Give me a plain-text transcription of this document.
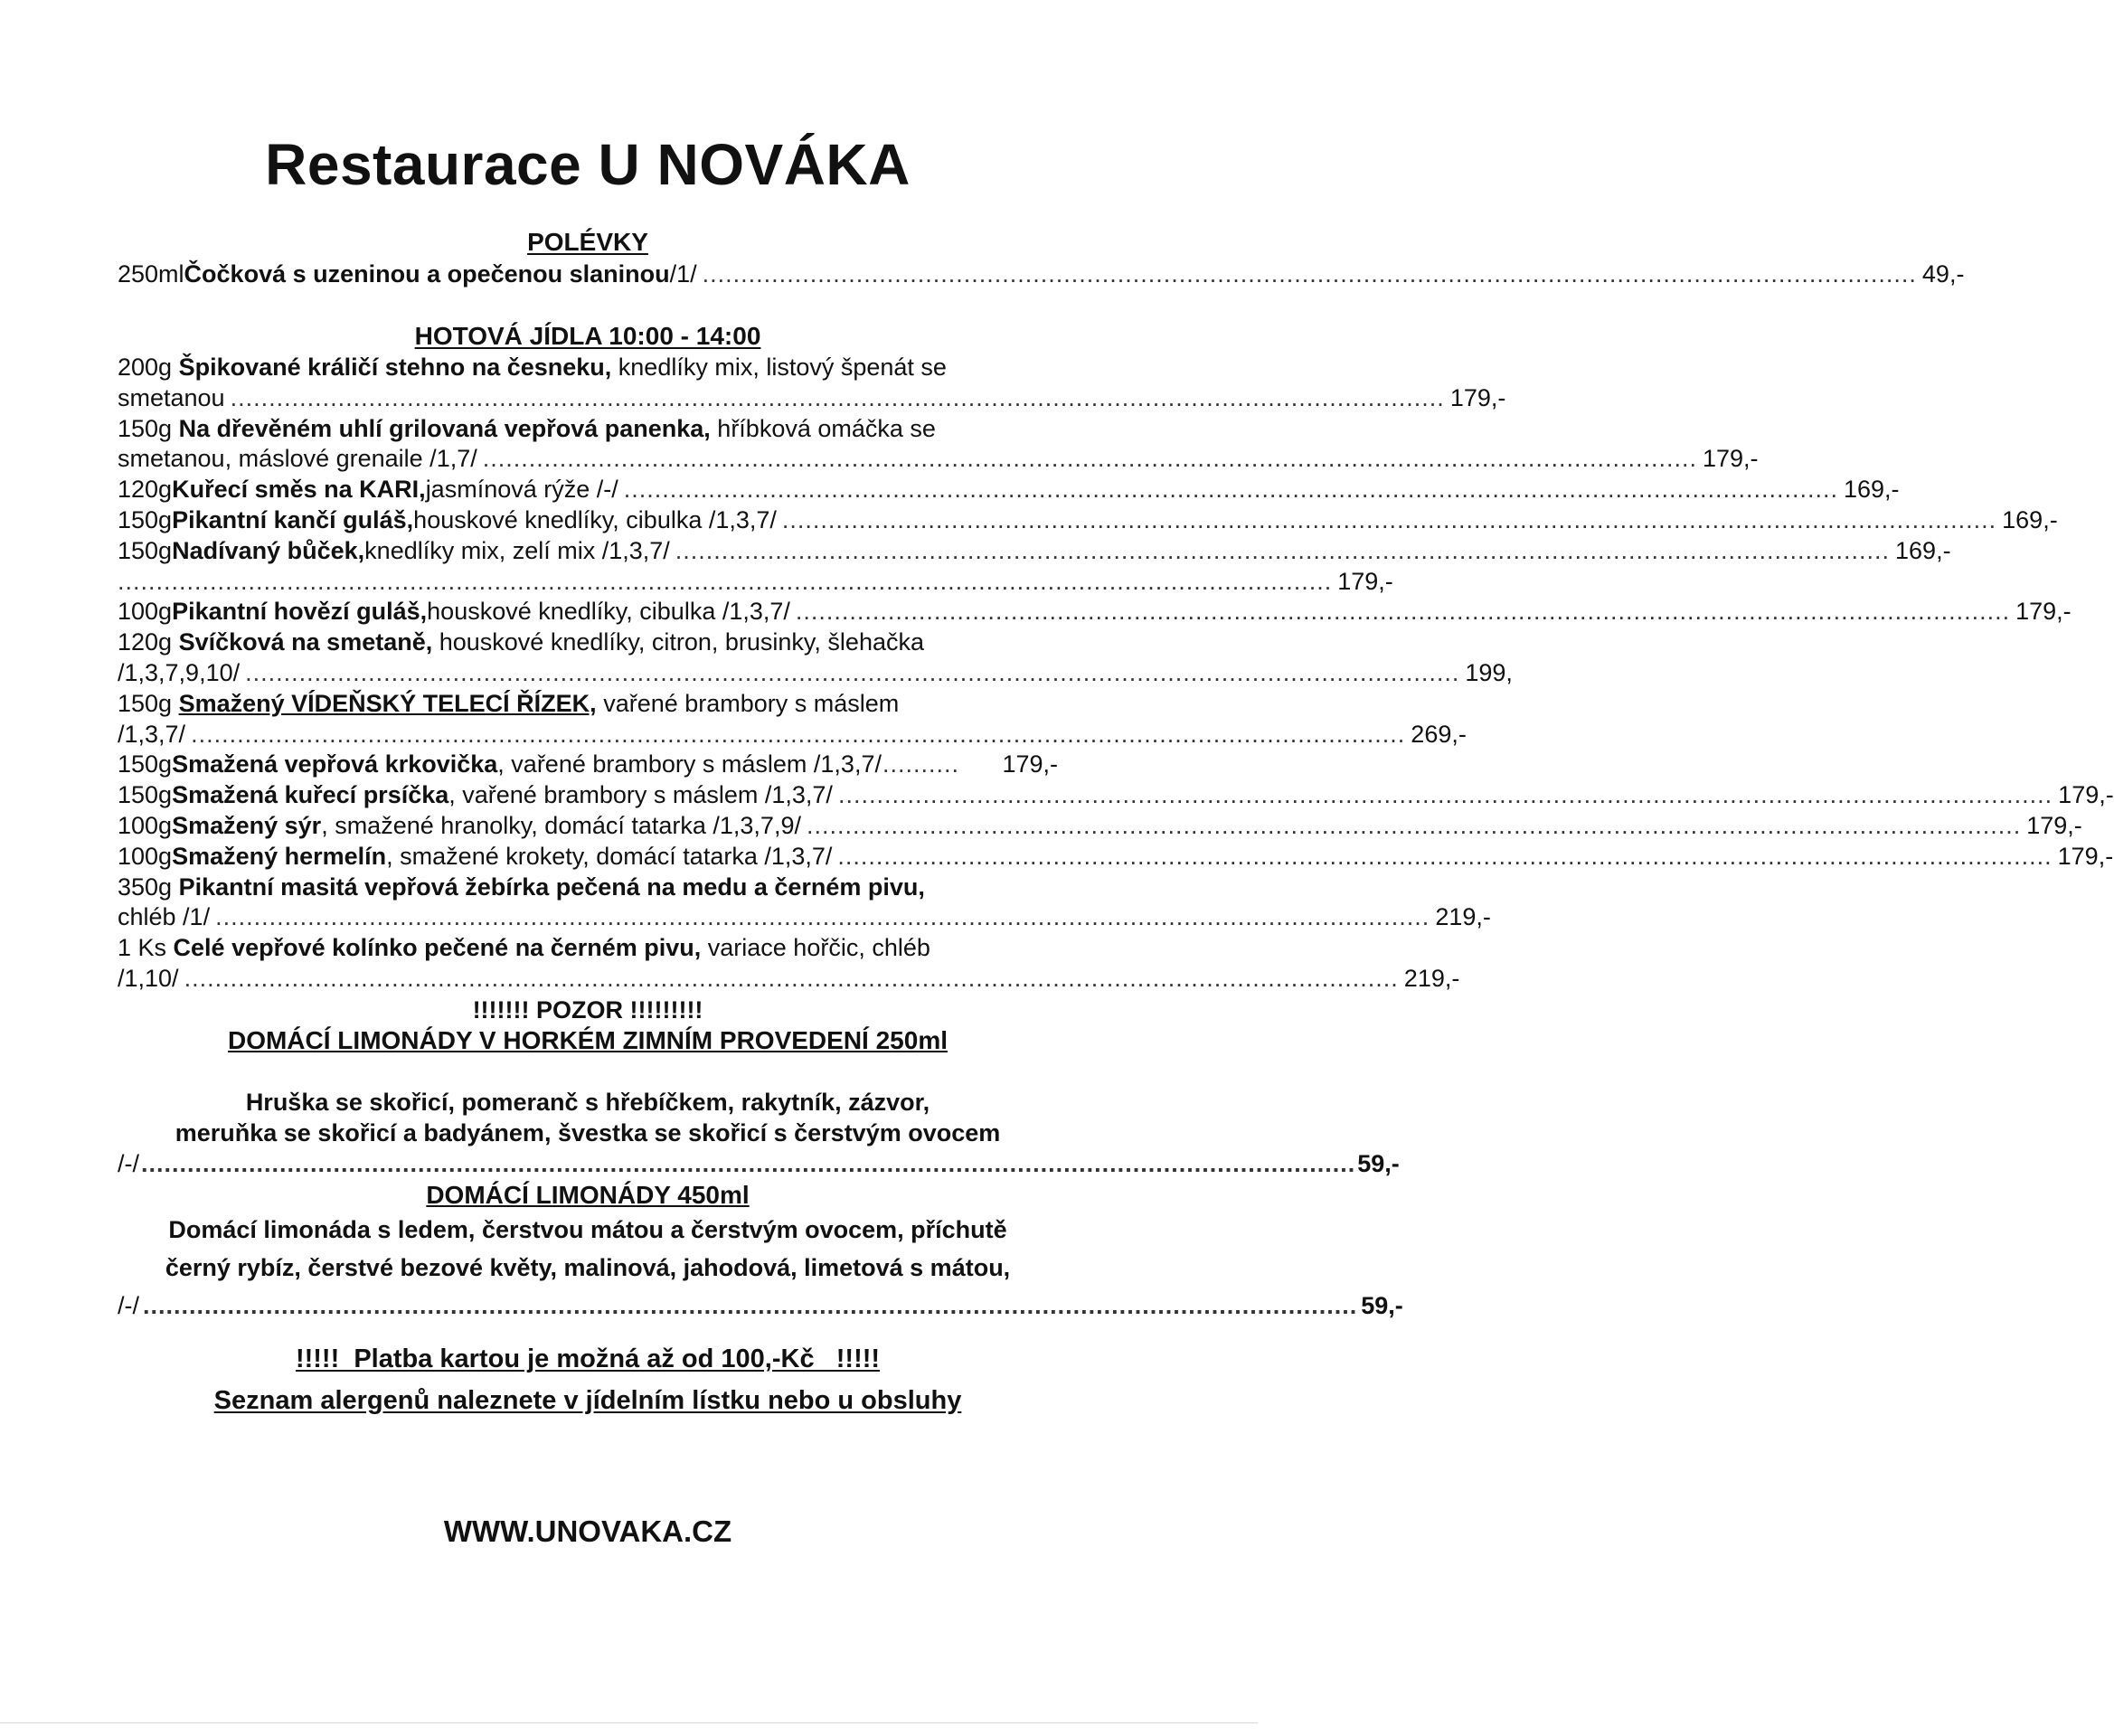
Restaurace U NOVÁKA
POLÉVKY
250ml Čočková s uzeninou a opečenou slaninou /1/ .............................................................................................................................................................. 49,-
HOTOVÁ JÍDLA 10:00 - 14:00
200g Špikované králičí stehno na česneku, knedlíky mix, listový špenát se
smetanou .............................................................................................................................................................. 179,-
150g Na dřevěném uhlí grilovaná vepřová panenka, hříbková omáčka se
smetanou, máslové grenaile /1,7/ .............................................................................................................................................................. 179,-
120g Kuřecí směs na KARI, jasmínová rýže /-/ .............................................................................................................................................................. 169,-
150g Pikantní kančí guláš, houskové knedlíky, cibulka /1,3,7/ .............................................................................................................................................................. 169,-
150g Nadívaný bůček, knedlíky mix, zelí mix /1,3,7/ .............................................................................................................................................................. 169,-
.............................................................................................................................................................. 179,-
100g Pikantní hovězí guláš, houskové knedlíky, cibulka /1,3,7/ .............................................................................................................................................................. 179,-
120g Svíčková na smetaně, houskové knedlíky, citron, brusinky, šlehačka
/1,3,7,9,10/ .............................................................................................................................................................. 199,
150g Smažený VÍDEŇSKÝ TELECÍ ŘÍZEK, vařené brambory s máslem
/1,3,7/ .............................................................................................................................................................. 269,-
150g Smažená vepřová krkovička , vařené brambory s máslem /1,3,7/ ..........	179,-
150g Smažená kuřecí prsíčka , vařené brambory s máslem /1,3,7/ .............................................................................................................................................................. 179,-
100g Smažený sýr , smažené hranolky, domácí tatarka /1,3,7,9/ .............................................................................................................................................................. 179,-
100g Smažený hermelín , smažené krokety, domácí tatarka /1,3,7/ .............................................................................................................................................................. 179,-
350g Pikantní masitá vepřová žebírka pečená na medu a černém pivu,
chléb /1/ .............................................................................................................................................................. 219,-
1 Ks Celé vepřové kolínko pečené na černém pivu, variace hořčic, chléb
/1,10/ .............................................................................................................................................................. 219,-
!!!!!!! POZOR !!!!!!!!!
DOMÁCÍ LIMONÁDY V HORKÉM ZIMNÍM PROVEDENÍ 250ml
Hruška se skořicí, pomeranč s hřebíčkem, rakytník, zázvor,
meruňka se skořicí a badyánem, švestka se skořicí s čerstvým ovocem
/-/ .............................................................................................................................................................. 59,-
DOMÁCÍ LIMONÁDY 450ml
Domácí limonáda s ledem, čerstvou mátou a čerstvým ovocem, příchutě
černý rybíz, čerstvé bezové květy, malinová, jahodová, limetová s mátou,
/-/ .............................................................................................................................................................. 59,-
!!!!!  Platba kartou je možná až od 100,-Kč   !!!!!
Seznam alergenů naleznete v jídelním lístku nebo u obsluhy
WWW.UNOVAKA.CZ
